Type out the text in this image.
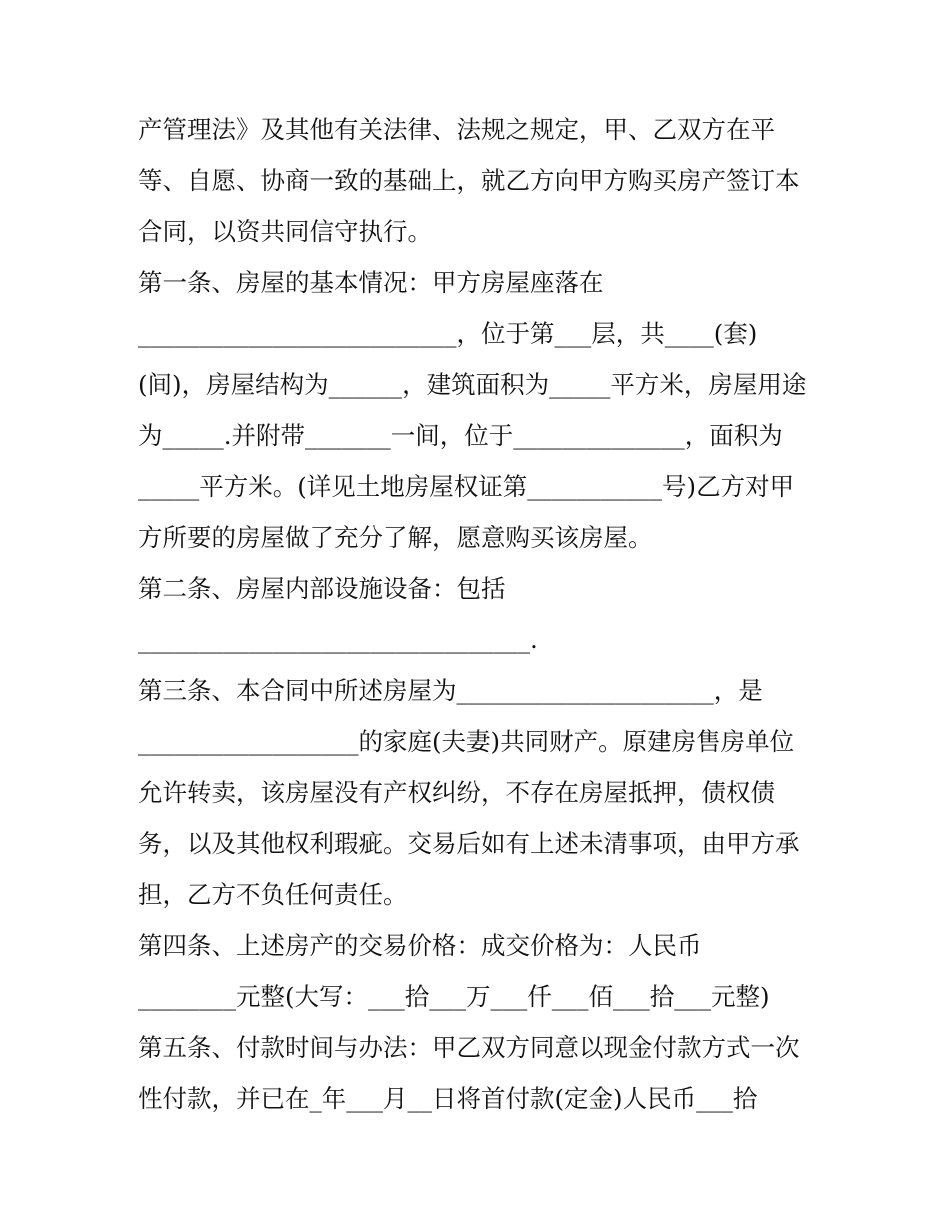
产管理法》及其他有关法律、法规之规定，甲、乙双方在平
等、自愿、协商一致的基础上，就乙方向甲方购买房产签订本
合同，以资共同信守执行。
第一条、房屋的基本情况：甲方房屋座落在
__________________________，位于第___层，共____(套)
(间)，房屋结构为______，建筑面积为_____平方米，房屋用途
为_____.并附带_______一间，位于______________，面积为
_____平方米。(详见土地房屋权证第___________号)乙方对甲
方所要的房屋做了充分了解，愿意购买该房屋。
第二条、房屋内部设施设备：包括
________________________________.
第三条、本合同中所述房屋为_____________________，是
__________________的家庭(夫妻)共同财产。原建房售房单位
允许转卖，该房屋没有产权纠纷，不存在房屋抵押，债权债
务，以及其他权利瑕疵。交易后如有上述未清事项，由甲方承
担，乙方不负任何责任。
第四条、上述房产的交易价格：成交价格为：人民币
________元整(大写：___拾___万___仟___佰___拾___元整)
第五条、付款时间与办法：甲乙双方同意以现金付款方式一次
性付款，并已在_年___月__日将首付款(定金)人民币___拾
